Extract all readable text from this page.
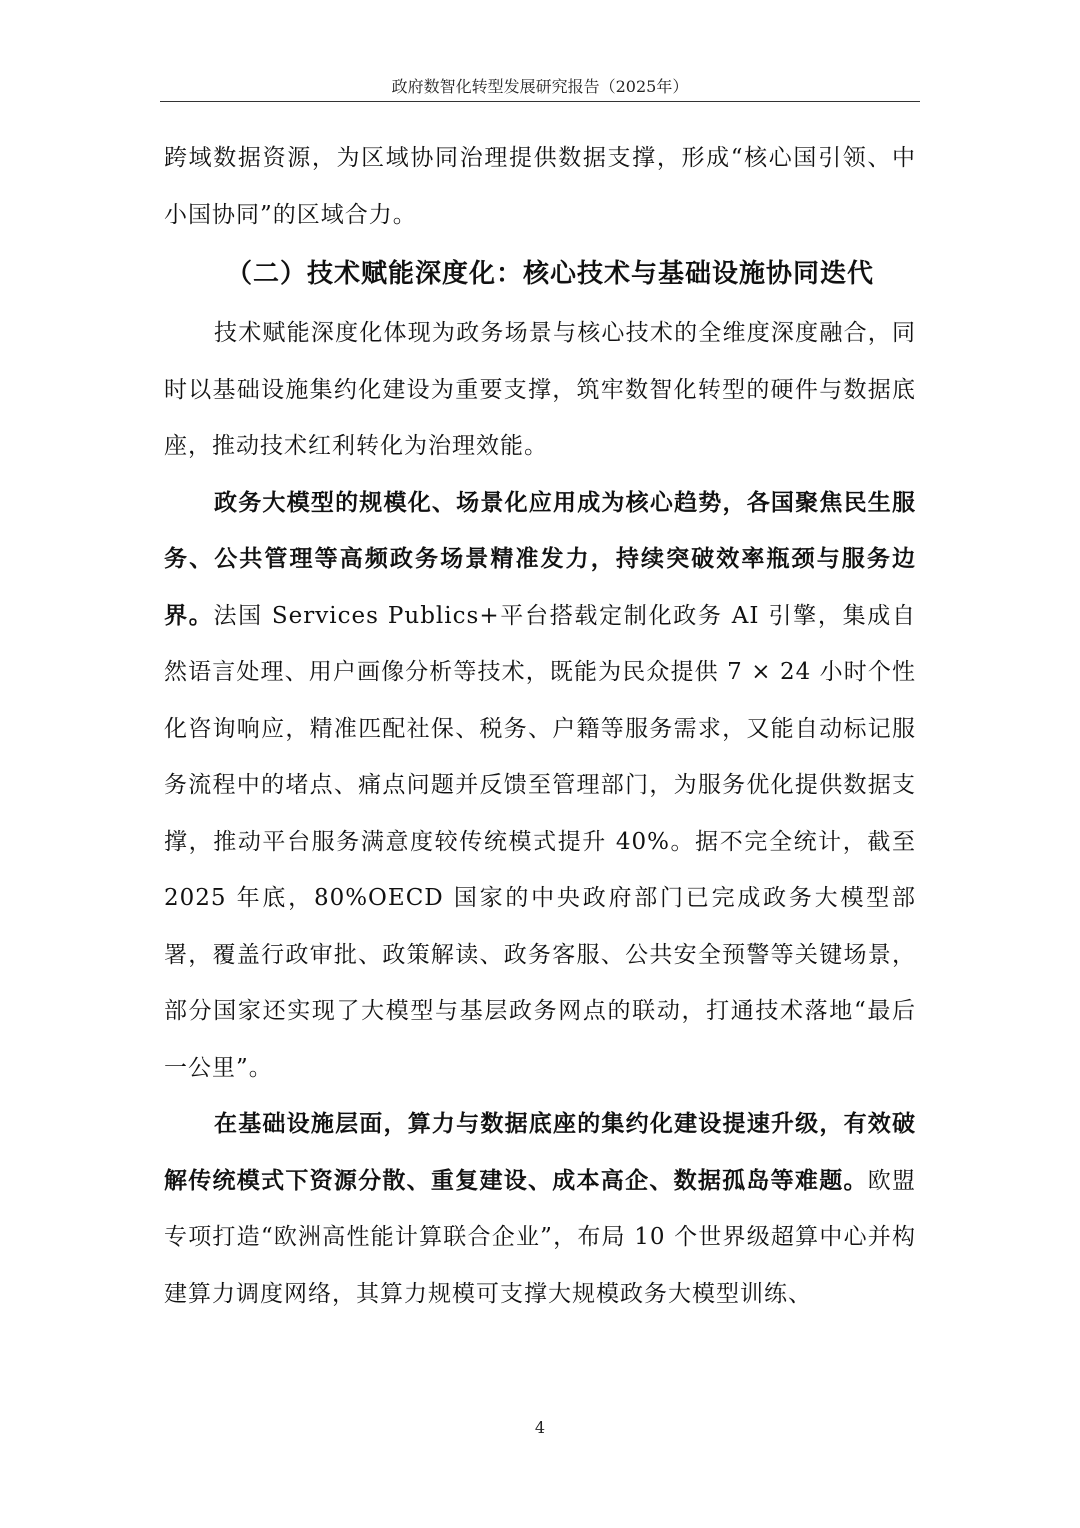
政府数智化转型发展研究报告（2025年）

跨域数据资源，为区域协同治理提供数据支撑，形成“核心国引领、中小国协同”的区域合力。

（二）技术赋能深度化：核心技术与基础设施协同迭代

技术赋能深度化体现为政务场景与核心技术的全维度深度融合，同时以基础设施集约化建设为重要支撑，筑牢数智化转型的硬件与数据底座，推动技术红利转化为治理效能。

政务大模型的规模化、场景化应用成为核心趋势，各国聚焦民生服务、公共管理等高频政务场景精准发力，持续突破效率瓶颈与服务边界。法国 Services Publics+平台搭载定制化政务 AI 引擎，集成自然语言处理、用户画像分析等技术，既能为民众提供 7 × 24 小时个性化咨询响应，精准匹配社保、税务、户籍等服务需求，又能自动标记服务流程中的堵点、痛点问题并反馈至管理部门，为服务优化提供数据支撑，推动平台服务满意度较传统模式提升 40%。据不完全统计，截至 2025 年底，80%OECD 国家的中央政府部门已完成政务大模型部署，覆盖行政审批、政策解读、政务客服、公共安全预警等关键场景，部分国家还实现了大模型与基层政务网点的联动，打通技术落地“最后一公里”。

在基础设施层面，算力与数据底座的集约化建设提速升级，有效破解传统模式下资源分散、重复建设、成本高企、数据孤岛等难题。欧盟专项打造“欧洲高性能计算联合企业”，布局 10 个世界级超算中心并构建算力调度网络，其算力规模可支撑大规模政务大模型训练、

4
